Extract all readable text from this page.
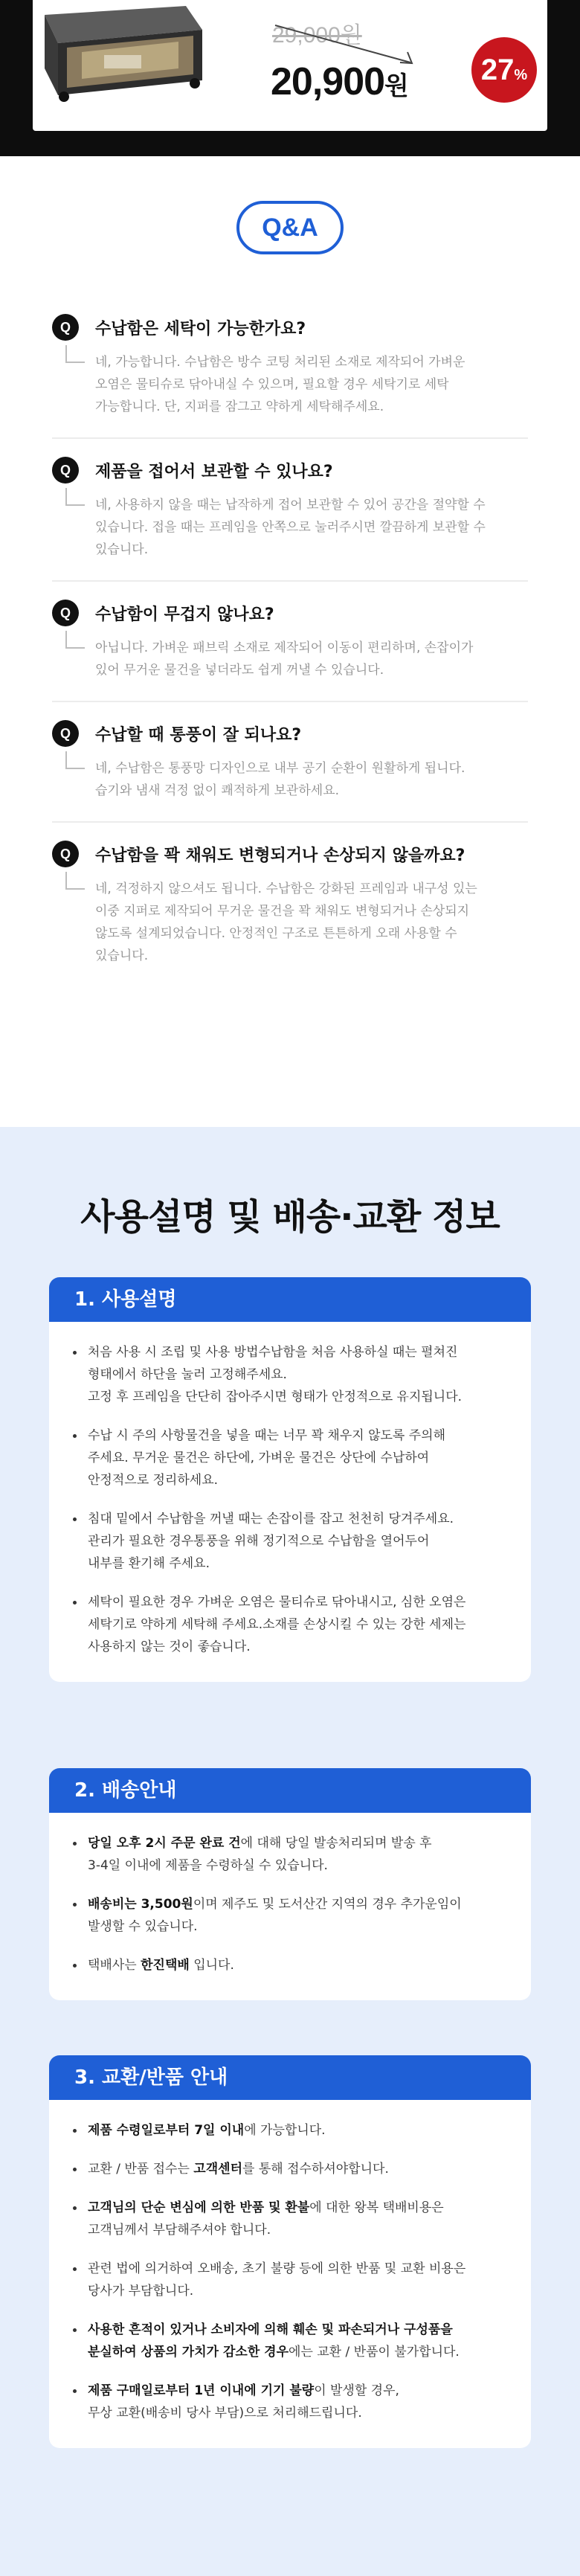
29,000원
20,900원	27%
Q&A
Q	수납함은 세탁이 가능한가요?
네, 가능합니다. 수납함은 방수 코팅 처리된 소재로 제작되어 가벼운
오염은 물티슈로 닦아내실 수 있으며, 필요할 경우 세탁기로 세탁
가능합니다. 단, 지퍼를 잠그고 약하게 세탁해주세요.
Q	제품을 접어서 보관할 수 있나요?
네, 사용하지 않을 때는 납작하게 접어 보관할 수 있어 공간을 절약할 수
있습니다. 접을 때는 프레임을 안쪽으로 눌러주시면 깔끔하게 보관할 수
있습니다.
Q	수납함이 무겁지 않나요?
아닙니다. 가벼운 패브릭 소재로 제작되어 이동이 편리하며, 손잡이가
있어 무거운 물건을 넣더라도 쉽게 꺼낼 수 있습니다.
Q	수납할 때 통풍이 잘 되나요?
네, 수납함은 통풍망 디자인으로 내부 공기 순환이 원활하게 됩니다.
습기와 냄새 걱정 없이 쾌적하게 보관하세요.
Q	수납함을 꽉 채워도 변형되거나 손상되지 않을까요?
네, 걱정하지 않으셔도 됩니다. 수납함은 강화된 프레임과 내구성 있는
이중 지퍼로 제작되어 무거운 물건을 꽉 채워도 변형되거나 손상되지
않도록 설계되었습니다. 안정적인 구조로 튼튼하게 오래 사용할 수
있습니다.
사용설명 및 배송·교환 정보
1. 사용설명
처음 사용 시 조립 및 사용 방법수납함을 처음 사용하실 때는 펼쳐진
형태에서 하단을 눌러 고정해주세요.
고정 후 프레임을 단단히 잡아주시면 형태가 안정적으로 유지됩니다.
수납 시 주의 사항물건을 넣을 때는 너무 꽉 채우지 않도록 주의해
주세요. 무거운 물건은 하단에, 가벼운 물건은 상단에 수납하여
안정적으로 정리하세요.
침대 밑에서 수납함을 꺼낼 때는 손잡이를 잡고 천천히 당겨주세요.
관리가 필요한 경우통풍을 위해 정기적으로 수납함을 열어두어
내부를 환기해 주세요.
세탁이 필요한 경우 가벼운 오염은 물티슈로 닦아내시고, 심한 오염은
세탁기로 약하게 세탁해 주세요.소재를 손상시킬 수 있는 강한 세제는
사용하지 않는 것이 좋습니다.
2. 배송안내
당일 오후 2시 주문 완료 건에 대해 당일 발송처리되며 발송 후
3-4일 이내에 제품을 수령하실 수 있습니다.
배송비는 3,500원이며 제주도 및 도서산간 지역의 경우 추가운임이
발생할 수 있습니다.
택배사는 한진택배 입니다.
3. 교환/반품 안내
제품 수령일로부터 7일 이내에 가능합니다.
교환 / 반품 접수는 고객센터를 통해 접수하셔야합니다.
고객님의 단순 변심에 의한 반품 및 환불에 대한 왕복 택배비용은
고객님께서 부담해주셔야 합니다.
관련 법에 의거하여 오배송, 초기 불량 등에 의한 반품 및 교환 비용은
당사가 부담합니다.
사용한 흔적이 있거나 소비자에 의해 훼손 및 파손되거나 구성품을
분실하여 상품의 가치가 감소한 경우에는 교환 / 반품이 불가합니다.
제품 구매일로부터 1년 이내에 기기 불량이 발생할 경우,
무상 교환(배송비 당사 부담)으로 처리해드립니다.
